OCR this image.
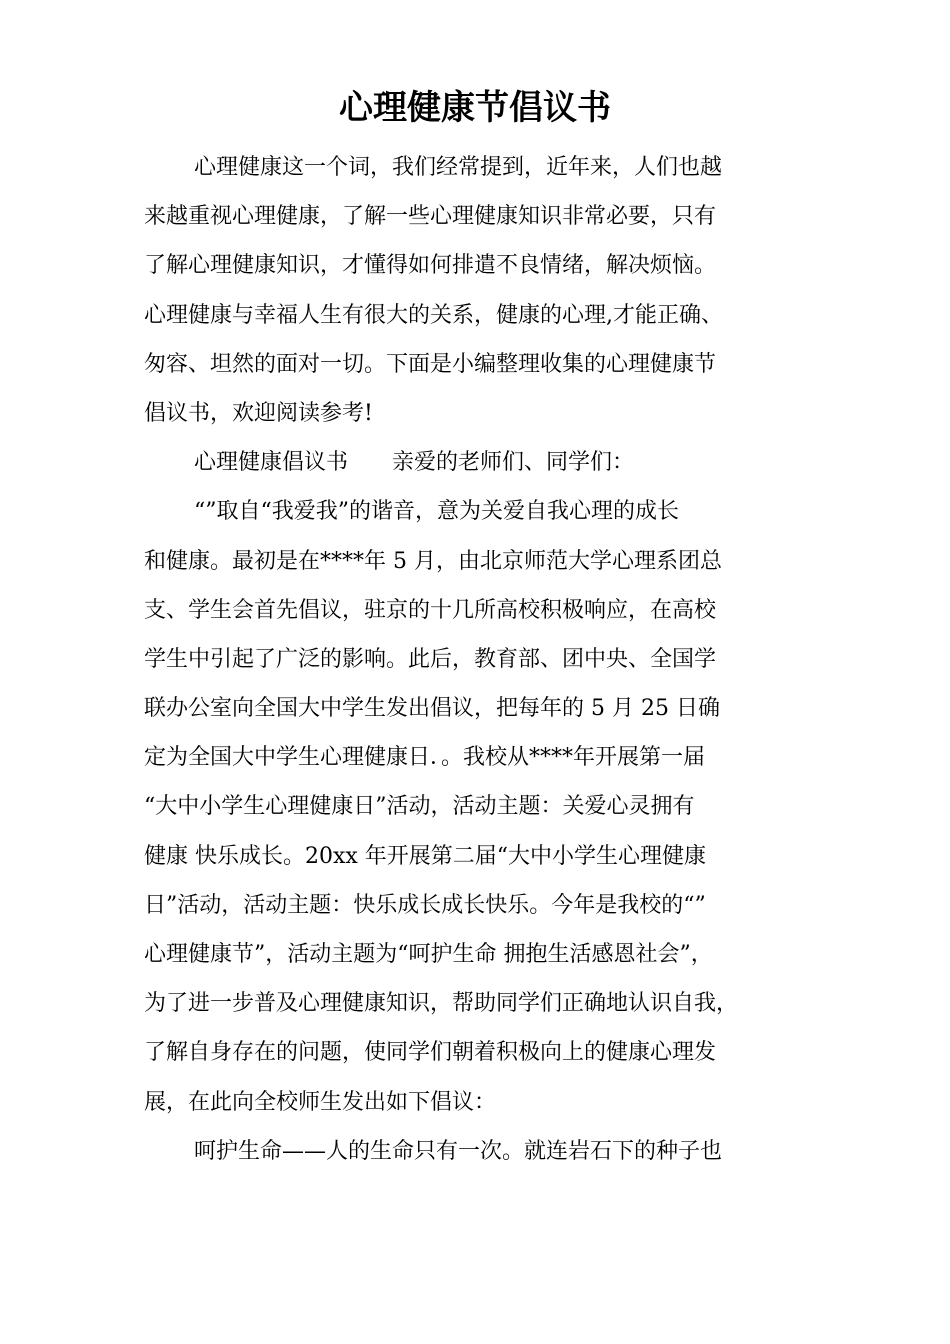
心理健康节倡议书
心理健康这一个词，我们经常提到，近年来，人们也越
来越重视心理健康，了解一些心理健康知识非常必要，只有
了解心理健康知识，才懂得如何排遣不良情绪，解决烦恼。
心理健康与幸福人生有很大的关系，健康的心理,才能正确、
匆容、坦然的面对一切。下面是小编整理收集的心理健康节
倡议书，欢迎阅读参考!
心理健康倡议书　　亲爱的老师们、同学们：
“”取自“我爱我”的谐音，意为关爱自我心理的成长
和健康。最初是在****年 5 月，由北京师范大学心理系团总
支、学生会首先倡议，驻京的十几所高校积极响应，在高校
学生中引起了广泛的影响。此后，教育部、团中央、全国学
联办公室向全国大中学生发出倡议，把每年的 5 月 25 日确
定为全国大中学生心理健康日．。我校从****年开展第一届
“大中小学生心理健康日”活动，活动主题：关爱心灵拥有
健康 快乐成长。20xx 年开展第二届“大中小学生心理健康
日”活动，活动主题：快乐成长成长快乐。今年是我校的“”
心理健康节”，活动主题为“呵护生命 拥抱生活感恩社会”，
为了进一步普及心理健康知识，帮助同学们正确地认识自我，
了解自身存在的问题，使同学们朝着积极向上的健康心理发
展，在此向全校师生发出如下倡议：
呵护生命——人的生命只有一次。就连岩石下的种子也
